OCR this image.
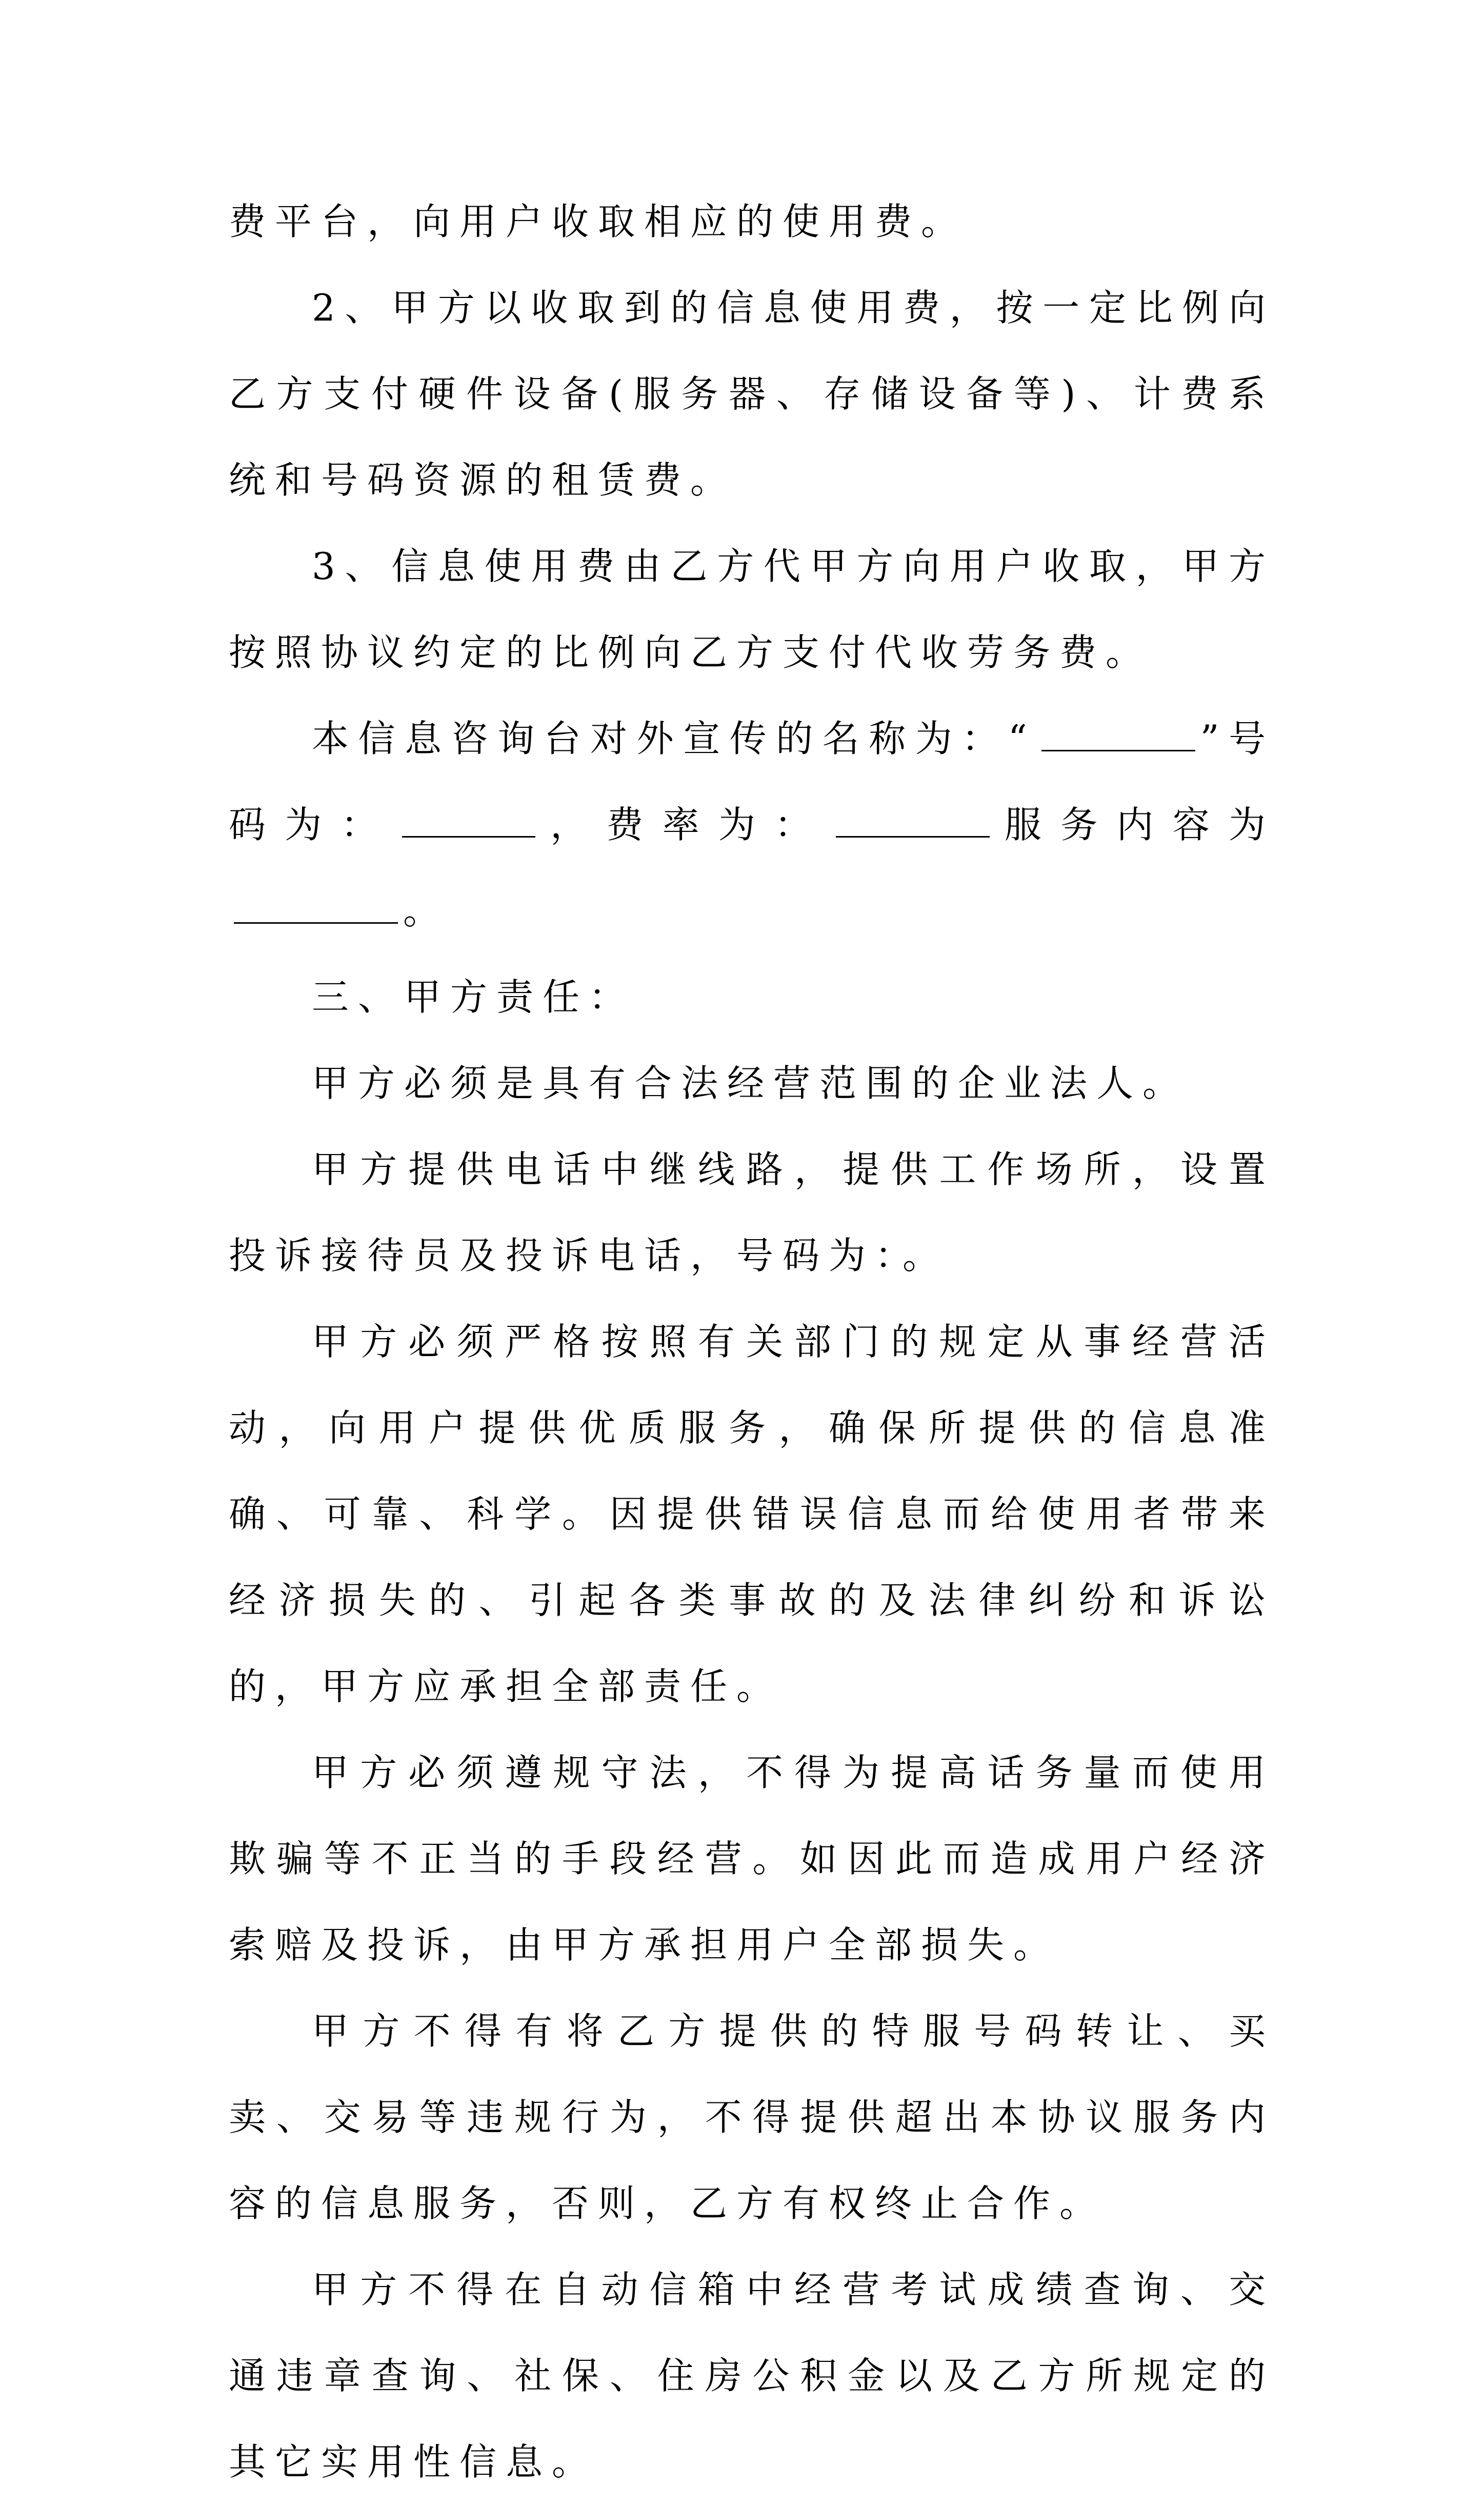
费平台，向用户收取相应的使用费。

2、甲方以收取到的信息使用费，按一定比例向乙方支付硬件设备(服务器、存储设备等)、计费系统和号码资源的租赁费。

3、信息使用费由乙方代甲方向用户收取，甲方按照协议约定的比例向乙方支付代收劳务费。

本信息咨询台对外宣传的名称为：“	”号码为：	，费率为：	服务内容为。

三、甲方责任：

甲方必须是具有合法经营范围的企业法人。

甲方提供电话中继线路，提供工作场所，设置投诉接待员及投诉电话，号码为：。

甲方必须严格按照有关部门的规定从事经营活动，向用户提供优质服务，确保所提供的信息准确、可靠、科学。因提供错误信息而给使用者带来经济损失的、引起各类事故的及法律纠纷和诉讼的，甲方应承担全部责任。

甲方必须遵规守法，不得为提高话务量而使用欺骗等不正当的手段经营。如因此而造成用户经济索赔及投诉，由甲方承担用户全部损失。

甲方不得有将乙方提供的特服号码转让、买卖、交易等违规行为，不得提供超出本协议服务内容的信息服务，否则，乙方有权终止合作。

甲方不得在自动信箱中经营考试成绩查询、交通违章查询、社保、住房公积金以及乙方所规定的其它实用性信息。
